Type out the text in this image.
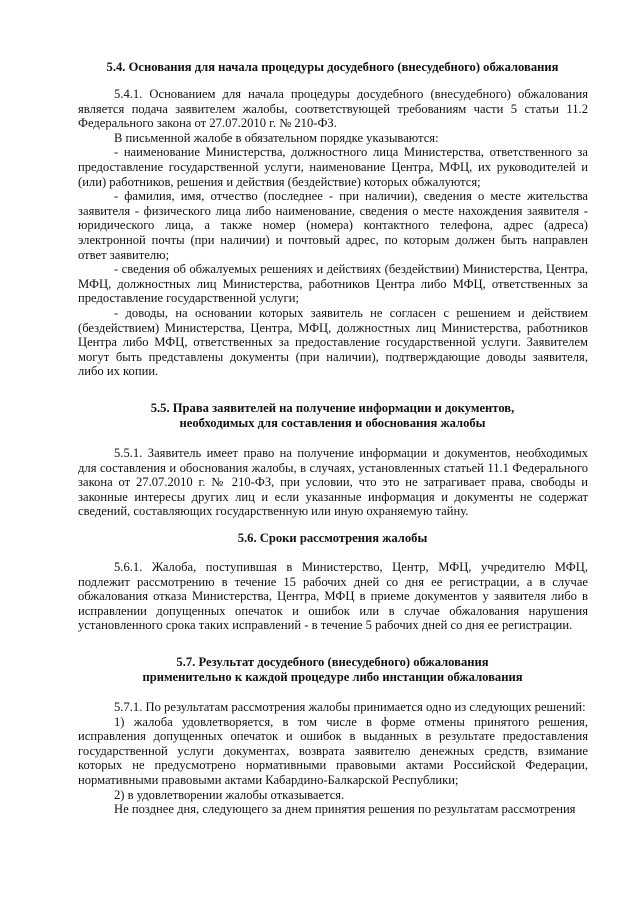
5.4. Основания для начала процедуры досудебного (внесудебного) обжалования

5.4.1. Основанием для начала процедуры досудебного (внесудебного) обжалования является подача заявителем жалобы, соответствующей требованиям части 5 статьи 11.2 Федерального закона от 27.07.2010 г. № 210-ФЗ.

В письменной жалобе в обязательном порядке указываются:

- наименование Министерства, должностного лица Министерства, ответственного за предоставление государственной услуги, наименование Центра, МФЦ, их руководителей и (или) работников, решения и действия (бездействие) которых обжалуются;

- фамилия, имя, отчество (последнее - при наличии), сведения о месте жительства заявителя - физического лица либо наименование, сведения о месте нахождения заявителя - юридического лица, а также номер (номера) контактного телефона, адрес (адреса) электронной почты (при наличии) и почтовый адрес, по которым должен быть направлен ответ заявителю;

- сведения об обжалуемых решениях и действиях (бездействии) Министерства, Центра, МФЦ, должностных лиц Министерства, работников Центра либо МФЦ, ответственных за предоставление государственной услуги;

- доводы, на основании которых заявитель не согласен с решением и действием (бездействием) Министерства, Центра, МФЦ, должностных лиц Министерства, работников Центра либо МФЦ, ответственных за предоставление государственной услуги. Заявителем могут быть представлены документы (при наличии), подтверждающие доводы заявителя, либо их копии.

5.5. Права заявителей на получение информации и документов,
необходимых для составления и обоснования жалобы

5.5.1. Заявитель имеет право на получение информации и документов, необходимых для составления и обоснования жалобы, в случаях, установленных статьей 11.1 Федерального закона от 27.07.2010 г. № 210-ФЗ, при условии, что это не затрагивает права, свободы и законные интересы других лиц и если указанные информация и документы не содержат сведений, составляющих государственную или иную охраняемую тайну.

5.6. Сроки рассмотрения жалобы

5.6.1. Жалоба, поступившая в Министерство, Центр, МФЦ, учредителю МФЦ, подлежит рассмотрению в течение 15 рабочих дней со дня ее регистрации, а в случае обжалования отказа Министерства, Центра, МФЦ в приеме документов у заявителя либо в исправлении допущенных опечаток и ошибок или в случае обжалования нарушения установленного срока таких исправлений - в течение 5 рабочих дней со дня ее регистрации.

5.7. Результат досудебного (внесудебного) обжалования
применительно к каждой процедуре либо инстанции обжалования

5.7.1. По результатам рассмотрения жалобы принимается одно из следующих решений:

1) жалоба удовлетворяется, в том числе в форме отмены принятого решения, исправления допущенных опечаток и ошибок в выданных в результате предоставления государственной услуги документах, возврата заявителю денежных средств, взимание которых не предусмотрено нормативными правовыми актами Российской Федерации, нормативными правовыми актами Кабардино-Балкарской Республики;

2) в удовлетворении жалобы отказывается.

Не позднее дня, следующего за днем принятия решения по результатам рассмотрения
